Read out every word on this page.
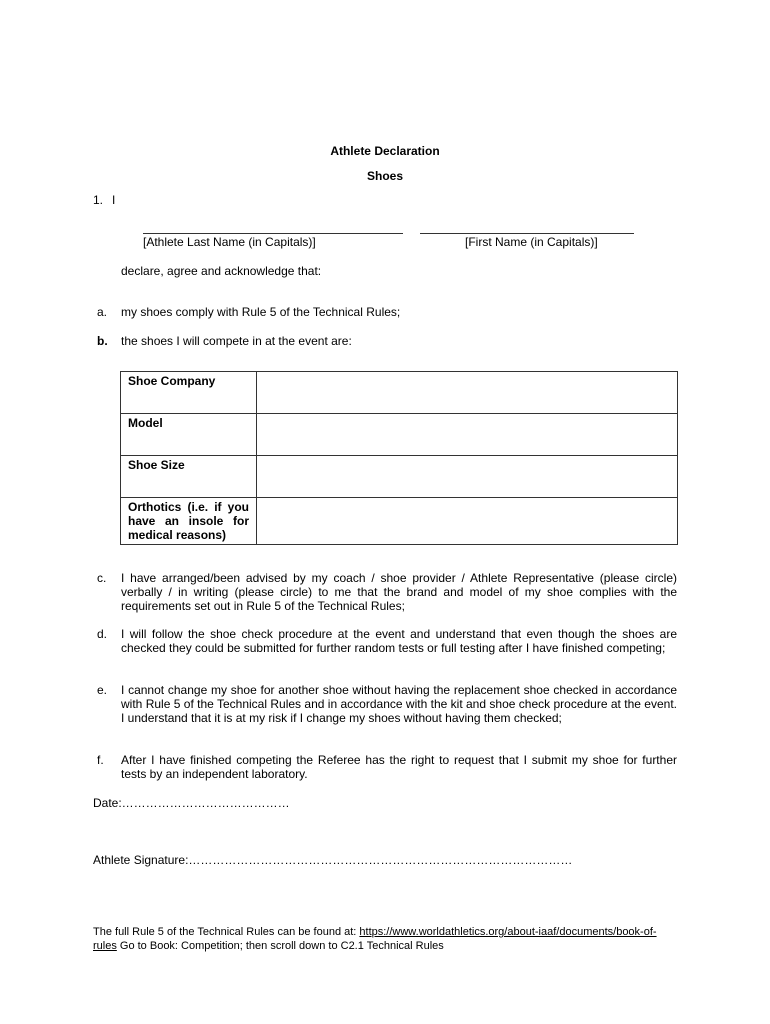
Athlete Declaration
Shoes
1. I
[Athlete Last Name (in Capitals)]	[First Name (in Capitals)]
declare, agree and acknowledge that:
a. my shoes comply with Rule 5 of the Technical Rules;
b. the shoes I will compete in at the event are:
Shoe Company	
Model	
Shoe Size	
Orthotics (i.e. if you have an insole for medical reasons)	
c. I have arranged/been advised by my coach / shoe provider / Athlete Representative (please circle) verbally / in writing (please circle) to me that the brand and model of my shoe complies with the requirements set out in Rule 5 of the Technical Rules;
d. I will follow the shoe check procedure at the event and understand that even though the shoes are checked they could be submitted for further random tests or full testing after I have finished competing;
e. I cannot change my shoe for another shoe without having the replacement shoe checked in accordance with Rule 5 of the Technical Rules and in accordance with the kit and shoe check procedure at the event. I understand that it is at my risk if I change my shoes without having them checked;
f. After I have finished competing the Referee has the right to request that I submit my shoe for further tests by an independent laboratory.
Date:……………………………………
Athlete Signature:……………………………………………………………………………………
The full Rule 5 of the Technical Rules can be found at: https://www.worldathletics.org/about-iaaf/documents/book-of-rules Go to Book: Competition; then scroll down to C2.1 Technical Rules
